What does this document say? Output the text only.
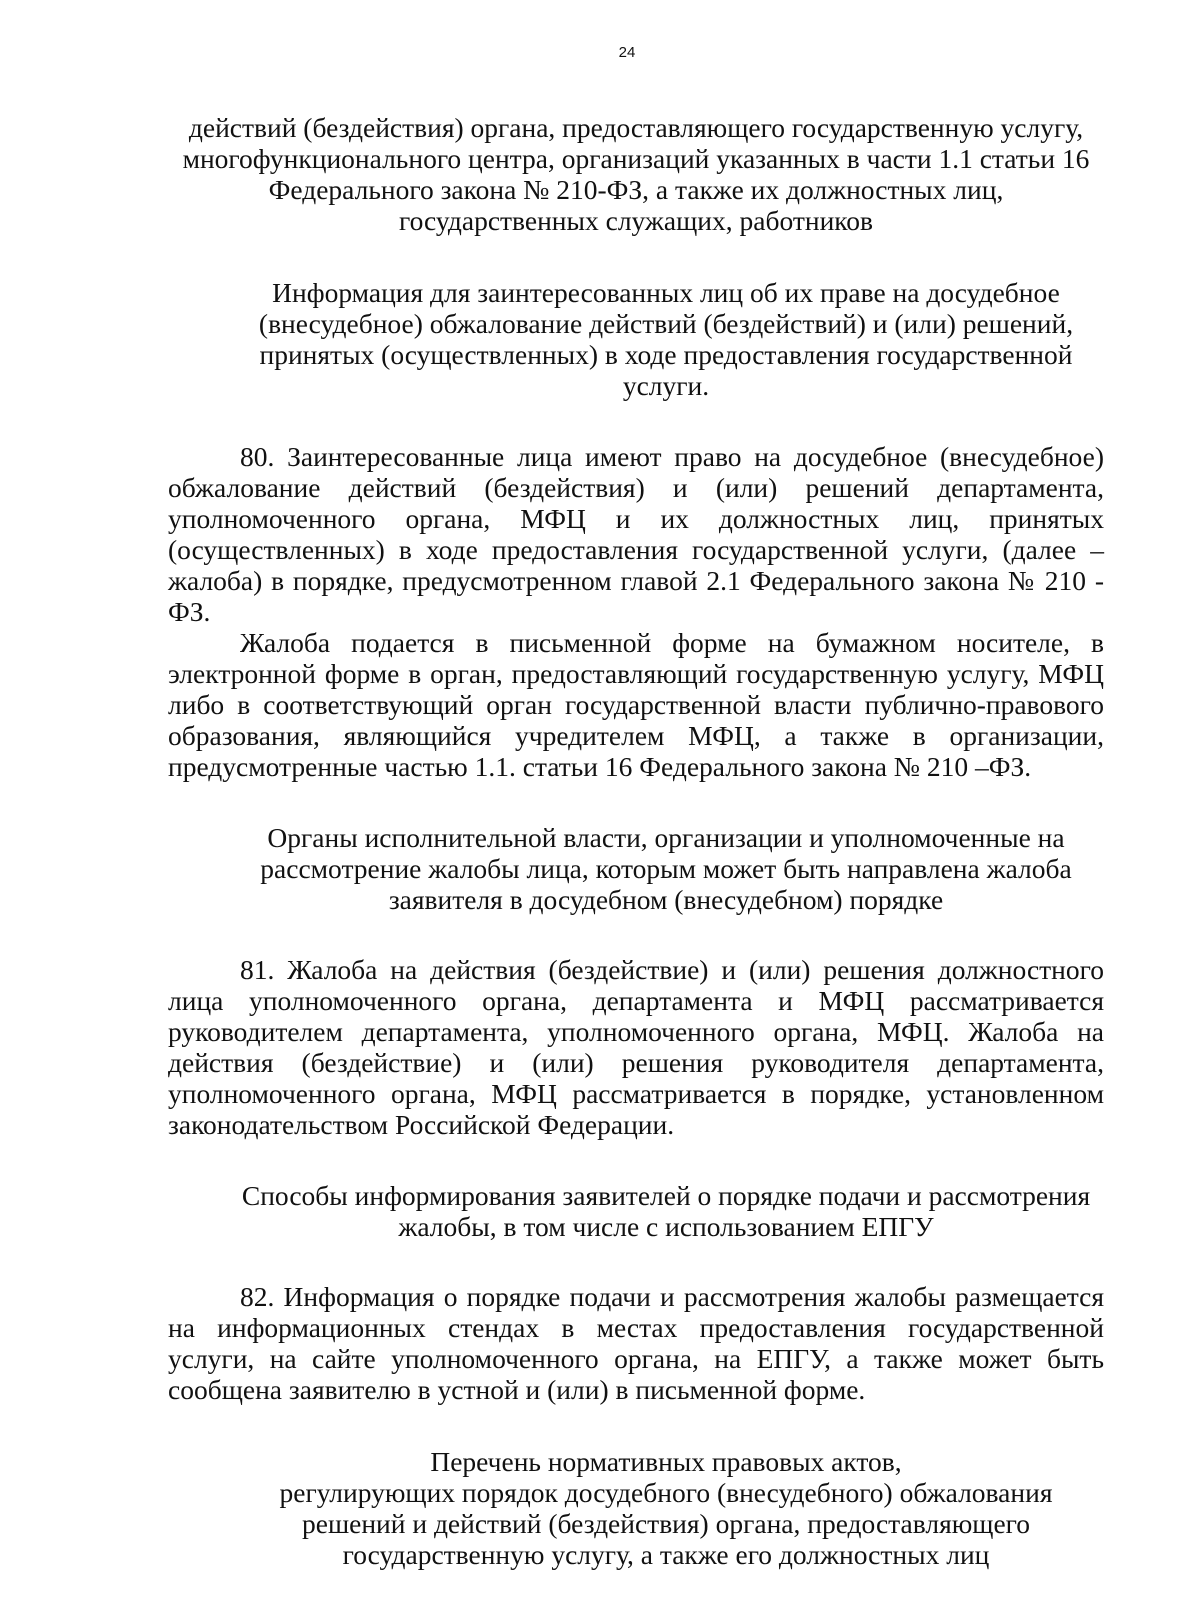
24
действий (бездействия) органа, предоставляющего государственную услугу,
многофункционального центра, организаций указанных в части 1.1 статьи 16
Федерального закона № 210-ФЗ, а также их должностных лиц,
государственных служащих, работников
Информация для заинтересованных лиц об их праве на досудебное
(внесудебное) обжалование действий (бездействий) и (или) решений,
принятых (осуществленных) в ходе предоставления государственной услуги.

80. Заинтересованные лица имеют право на досудебное (внесудебное) обжалование действий (бездействия) и (или) решений департамента, уполномоченного органа, МФЦ и их должностных лиц, принятых (осуществленных) в ходе предоставления государственной услуги, (далее – жалоба) в порядке, предусмотренном главой 2.1 Федерального закона № 210 - ФЗ.

Жалоба подается в письменной форме на бумажном носителе, в электронной форме в орган, предоставляющий государственную услугу, МФЦ либо в соответствующий орган государственной власти публично-правового образования, являющийся учредителем МФЦ, а также в организации, предусмотренные частью 1.1. статьи 16 Федерального закона № 210 –ФЗ.

Органы исполнительной власти, организации и уполномоченные на
рассмотрение жалобы лица, которым может быть направлена жалоба
заявителя в досудебном (внесудебном) порядке

81. Жалоба на действия (бездействие) и (или) решения должностного лица уполномоченного органа, департамента и МФЦ рассматривается руководителем департамента, уполномоченного органа, МФЦ. Жалоба на действия (бездействие) и (или) решения руководителя департамента, уполномоченного органа, МФЦ рассматривается в порядке, установленном законодательством Российской Федерации.

Способы информирования заявителей о порядке подачи и рассмотрения
жалобы, в том числе с использованием ЕПГУ

82. Информация о порядке подачи и рассмотрения жалобы размещается на информационных стендах в местах предоставления государственной услуги, на сайте уполномоченного органа, на ЕПГУ, а также может быть сообщена заявителю в устной и (или) в письменной форме.

Перечень нормативных правовых актов,
регулирующих порядок досудебного (внесудебного) обжалования
решений и действий (бездействия) органа, предоставляющего
государственную услугу, а также его должностных лиц
